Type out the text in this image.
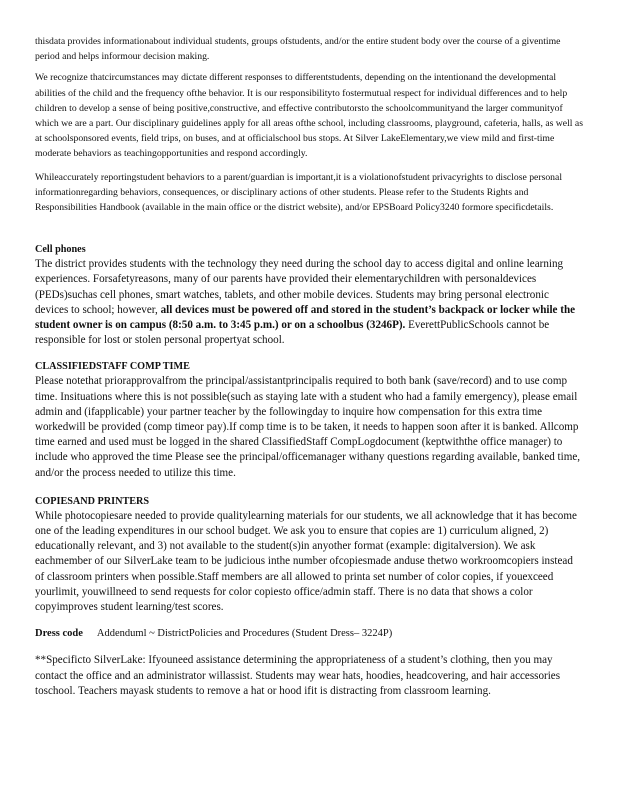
thisdata provides informationabout individual students, groups ofstudents, and/or the entire student body over the course of a giventime period and helps informour decision making.

We recognize thatcircumstances may dictate different responses to differentstudents, depending on the intentionand the developmental abilities of the child and the frequency ofthe behavior. It is our responsibilityto fostermutual respect for individual differences and to help children to develop a sense of being positive,constructive, and effective contributorsto the schoolcommunityand the larger communityof which we are a part. Our disciplinary guidelines apply for all areas ofthe school, including classrooms, playground, cafeteria, halls, as well as at schoolsponsored events, field trips, on buses, and at officialschool bus stops. At Silver LakeElementary,we view mild and first-time moderate behaviors as teachingopportunities and respond accordingly.

Whileaccurately reportingstudent behaviors to a parent/guardian is important,it is a violationofstudent privacyrights to disclose personal informationregarding behaviors, consequences, or disciplinary actions of other students. Please refer to the Students Rights and Responsibilities Handbook (available in the main office or the district website), and/or EPSBoard Policy3240 formore specificdetails.

Cell phones

The district provides students with the technology they need during the school day to access digital and online learning experiences. Forsafetyreasons, many of our parents have provided their elementarychildren with personaldevices (PEDs)suchas cell phones, smart watches, tablets, and other mobile devices. Students may bring personal electronic devices to school; however, all devices must be powered off and stored in the student’s backpack or locker while the student owner is on campus (8:50 a.m. to 3:45 p.m.) or on a schoolbus (3246P). EverettPublicSchools cannot be responsible for lost or stolen personal propertyat school.

CLASSIFIEDSTAFF COMP TIME

Please notethat priorapprovalfrom the principal/assistantprincipalis required to both bank (save/record) and to use comp time. Insituations where this is not possible(such as staying late with a student who had a family emergency), please email admin and (ifapplicable) your partner teacher by the followingday to inquire how compensation for this extra time workedwill be provided (comp timeor pay).If comp time is to be taken, it needs to happen soon after it is banked. Allcomp time earned and used must be logged in the shared ClassifiedStaff CompLogdocument (keptwiththe office manager) to include who approved the time Please see the principal/officemanager withany questions regarding available, banked time, and/or the process needed to utilize this time.

COPIESAND PRINTERS

While photocopiesare needed to provide qualitylearning materials for our students, we all acknowledge that it has become one of the leading expenditures in our school budget. We ask you to ensure that copies are 1) curriculum aligned, 2) educationally relevant, and 3) not available to the student(s)in anyother format (example: digitalversion). We ask eachmember of our SilverLake team to be judicious inthe number ofcopiesmade anduse thetwo workroomcopiers instead of classroom printers when possible.Staff members are all allowed to printa set number of color copies, if youexceed yourlimit, youwillneed to send requests for color copiesto office/admin staff. There is no data that shows a color copyimproves student learning/test scores.

Dress code Addenduml ~ DistrictPolicies and Procedures (Student Dress– 3224P)

**Specificto SilverLake: Ifyouneed assistance determining the appropriateness of a student’s clothing, then you may contact the office and an administrator willassist. Students may wear hats, hoodies, headcovering, and hair accessories toschool. Teachers mayask students to remove a hat or hood ifit is distracting from classroom learning.
